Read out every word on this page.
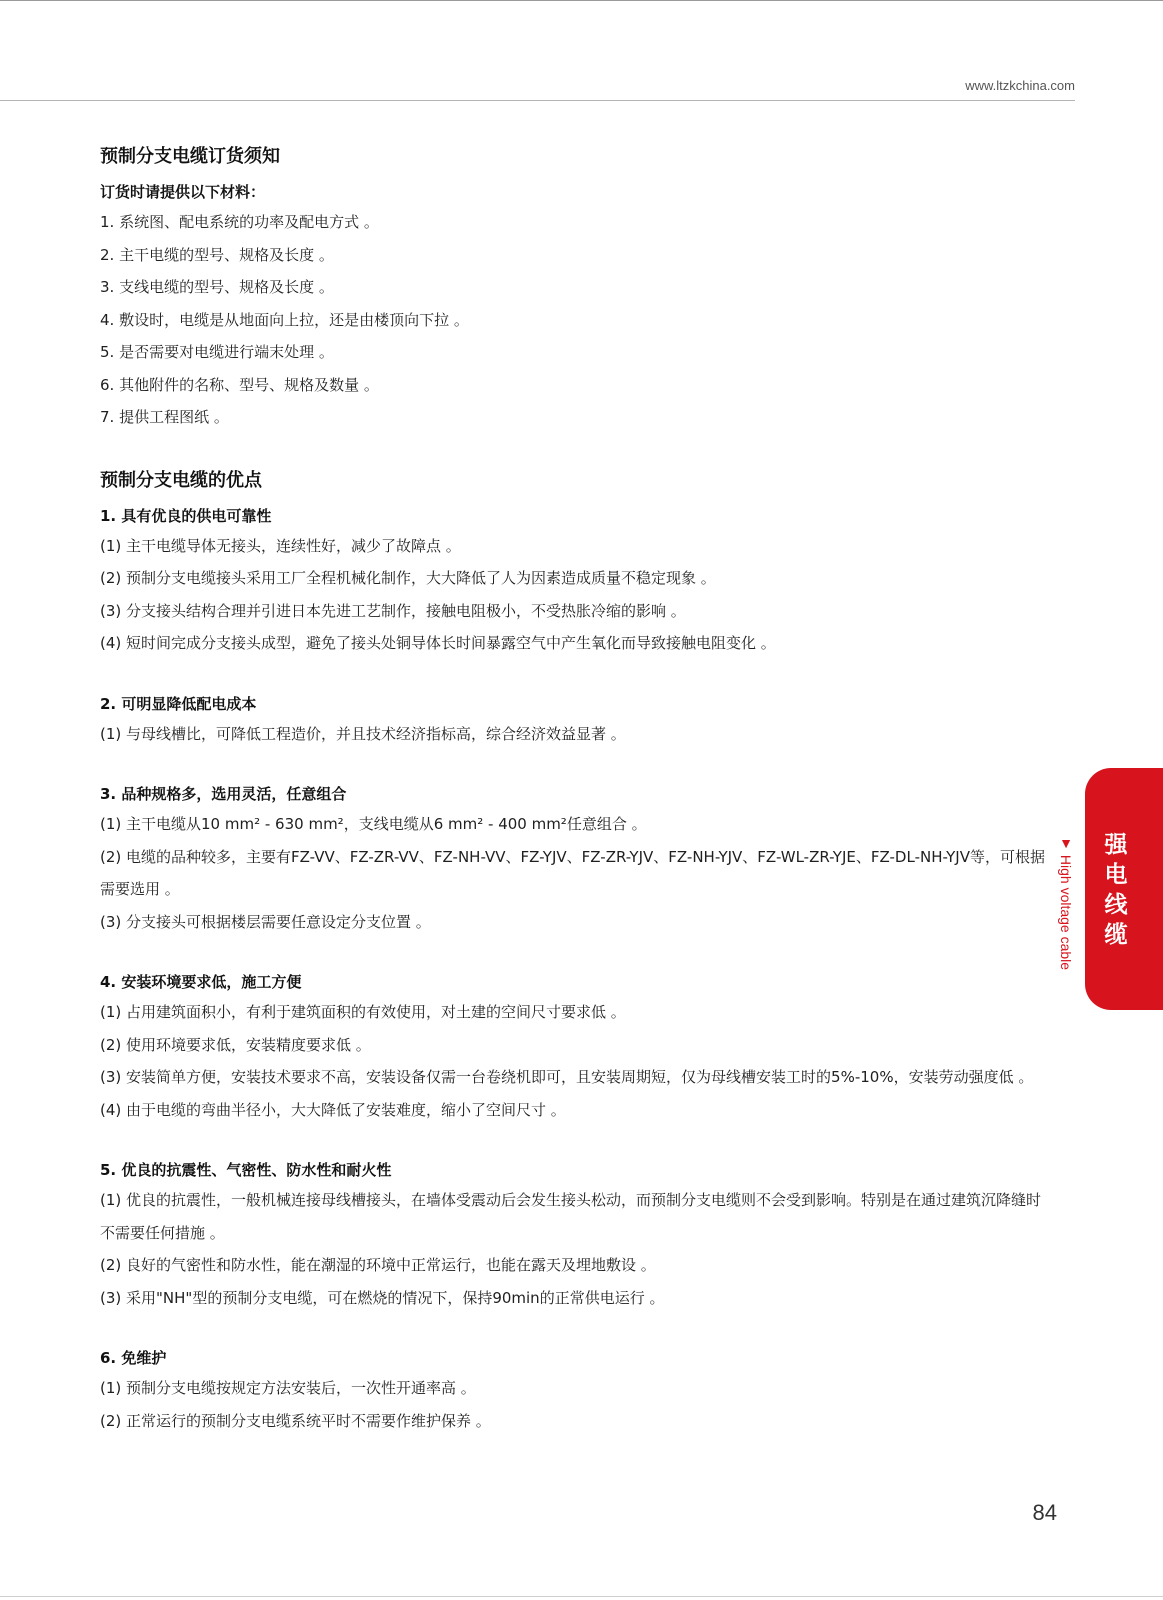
www.ltzkchina.com
预制分支电缆订货须知
订货时请提供以下材料：
1. 系统图、配电系统的功率及配电方式 。
2. 主干电缆的型号、规格及长度 。
3. 支线电缆的型号、规格及长度 。
4. 敷设时，电缆是从地面向上拉，还是由楼顶向下拉 。
5. 是否需要对电缆进行端末处理 。
6. 其他附件的名称、型号、规格及数量 。
7. 提供工程图纸 。
预制分支电缆的优点
1. 具有优良的供电可靠性
(1) 主干电缆导体无接头，连续性好，减少了故障点 。
(2) 预制分支电缆接头采用工厂全程机械化制作，大大降低了人为因素造成质量不稳定现象 。
(3) 分支接头结构合理并引进日本先进工艺制作，接触电阻极小，不受热胀冷缩的影响 。
(4) 短时间完成分支接头成型，避免了接头处铜导体长时间暴露空气中产生氧化而导致接触电阻变化 。
2. 可明显降低配电成本
(1) 与母线槽比，可降低工程造价，并且技术经济指标高，综合经济效益显著 。
3. 品种规格多，选用灵活，任意组合
(1) 主干电缆从10 mm² - 630 mm²，支线电缆从6 mm² - 400 mm²任意组合 。
(2) 电缆的品种较多，主要有FZ-VV、FZ-ZR-VV、FZ-NH-VV、FZ-YJV、FZ-ZR-YJV、FZ-NH-YJV、FZ-WL-ZR-YJE、FZ-DL-NH-YJV等，可根据需要选用 。
(3) 分支接头可根据楼层需要任意设定分支位置 。
4. 安装环境要求低，施工方便
(1) 占用建筑面积小，有利于建筑面积的有效使用，对土建的空间尺寸要求低 。
(2) 使用环境要求低，安装精度要求低 。
(3) 安装简单方便，安装技术要求不高，安装设备仅需一台卷绕机即可，且安装周期短，仅为母线槽安装工时的5%-10%，安装劳动强度低 。
(4) 由于电缆的弯曲半径小，大大降低了安装难度，缩小了空间尺寸 。
5. 优良的抗震性、气密性、防水性和耐火性
(1) 优良的抗震性，一般机械连接母线槽接头，在墙体受震动后会发生接头松动，而预制分支电缆则不会受到影响。特别是在通过建筑沉降缝时不需要任何措施 。
(2) 良好的气密性和防水性，能在潮湿的环境中正常运行，也能在露天及埋地敷设 。
(3) 采用"NH"型的预制分支电缆，可在燃烧的情况下，保持90min的正常供电运行 。
6. 免维护
(1) 预制分支电缆按规定方法安装后，一次性开通率高 。
(2) 正常运行的预制分支电缆系统平时不需要作维护保养 。
强电线缆
▼ High voltage cable
84
